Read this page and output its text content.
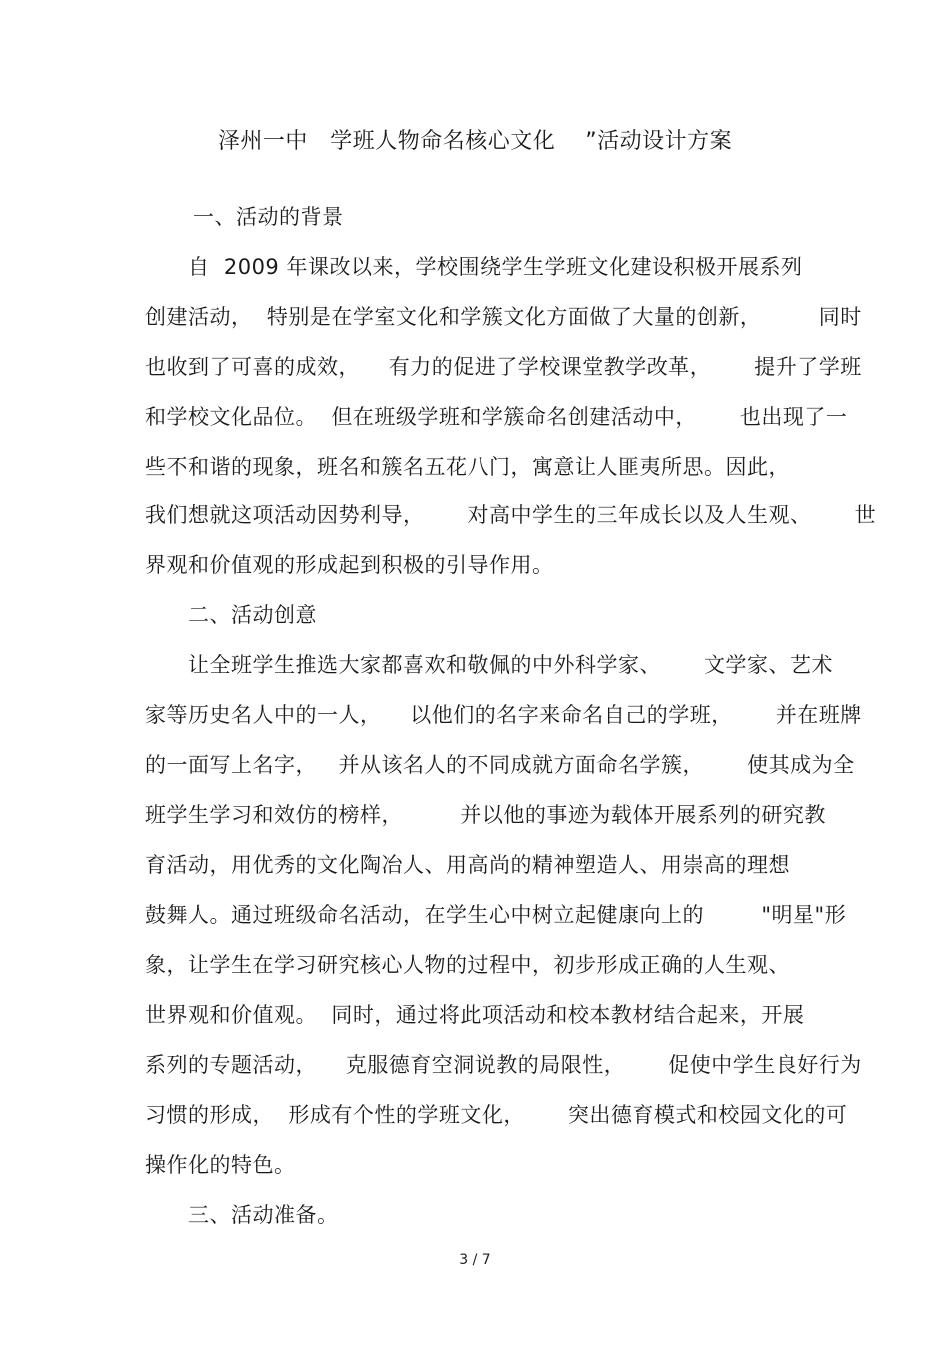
泽州一中   学班人物命名核心文化    ”活动设计方案
一、活动的背景
自  2009 年课改以来，学校围绕学生学班文化建设积极开展系列
创建活动，  特别是在学室文化和学簇文化方面做了大量的创新，        同时
也收到了可喜的成效，    有力的促进了学校课堂教学改革，      提升了学班
和学校文化品位。  但在班级学班和学簇命名创建活动中，      也出现了一
些不和谐的现象，班名和簇名五花八门，寓意让人匪夷所思。因此，
我们想就这项活动因势利导，      对高中学生的三年成长以及人生观、      世
界观和价值观的形成起到积极的引导作用。
二、活动创意
让全班学生推选大家都喜欢和敬佩的中外科学家、      文学家、艺术
家等历史名人中的一人，    以他们的名字来命名自己的学班，      并在班牌
的一面写上名字，   并从该名人的不同成就方面命名学簇，      使其成为全
班学生学习和效仿的榜样，        并以他的事迹为载体开展系列的研究教
育活动，用优秀的文化陶冶人、用高尚的精神塑造人、用崇高的理想
鼓舞人。通过班级命名活动，在学生心中树立起健康向上的        "明星"形
象，让学生在学习研究核心人物的过程中，初步形成正确的人生观、
世界观和价值观。  同时，通过将此项活动和校本教材结合起来，开展
系列的专题活动，    克服德育空洞说教的局限性，      促使中学生良好行为
习惯的形成，  形成有个性的学班文化，      突出德育模式和校园文化的可
操作化的特色。
三、活动准备。
3 / 7
